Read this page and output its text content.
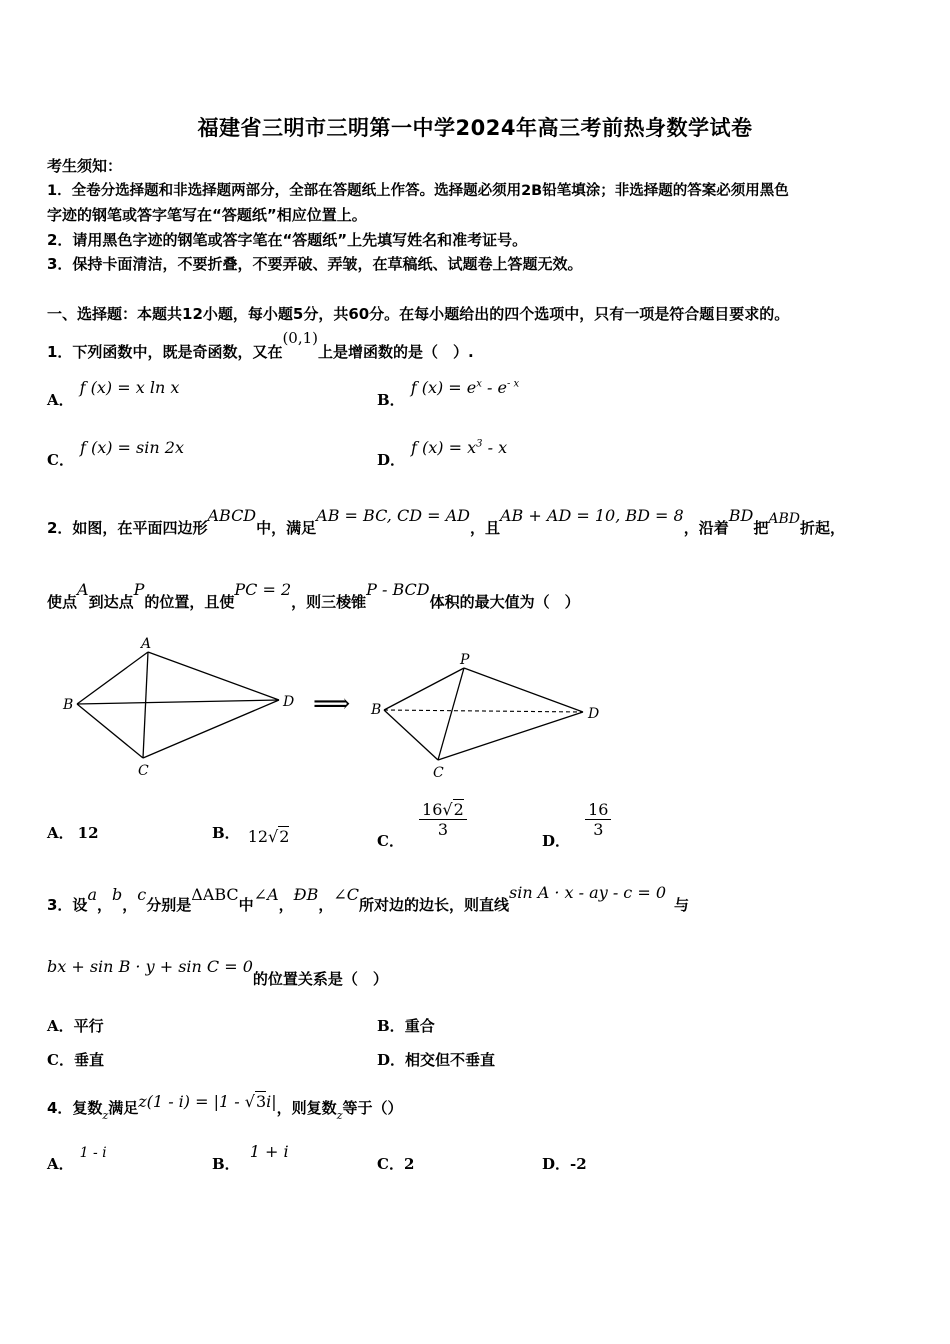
福建省三明市三明第一中学2024年高三考前热身数学试卷
考生须知：
1．全卷分选择题和非选择题两部分，全部在答题纸上作答。选择题必须用2B铅笔填涂；非选择题的答案必须用黑色
字迹的钢笔或答字笔写在“答题纸”相应位置上。
2．请用黑色字迹的钢笔或答字笔在“答题纸”上先填写姓名和准考证号。
3．保持卡面清洁，不要折叠，不要弄破、弄皱，在草稿纸、试题卷上答题无效。
一、选择题：本题共12小题，每小题5分，共60分。在每小题给出的四个选项中，只有一项是符合题目要求的。
1．下列函数中，既是奇函数，又在(0,1)上是增函数的是（　）.
A．f (x) = x ln x
B．f $(x) = e^x - e^{- x}$
C．f (x) = sin 2x
D．f $(x) = x^3 - x$
2．如图，在平面四边形ABCD中，满足AB = BC, CD = AD，且AB + AD = 10, BD = 8，沿着BD把ABD折起，
使点A到达点P的位置，且使PC = 2，则三棱锥P - BCD体积的最大值为（　）
A
B
C
D ⟹
P
B
C
D
A． 12	B． 12√2	C．
$\frac{16√2}{3}$
D．
$\frac{16}{3}$
3．设a，b，c分别是ΔABC中∠A，ÐB，∠C所对边的边长，则直线sin A · x - ay - c = 0与
bx + sin B · y + sin C = 0的位置关系是（　）
A．平行	B．重合
C．垂直	D．相交但不垂直
4．复数$_z$满足z(1 - i) = |1 - √3i|，则复数$_z$等于（）
A．1 - i
B．1 + i
C．2	D．-2
